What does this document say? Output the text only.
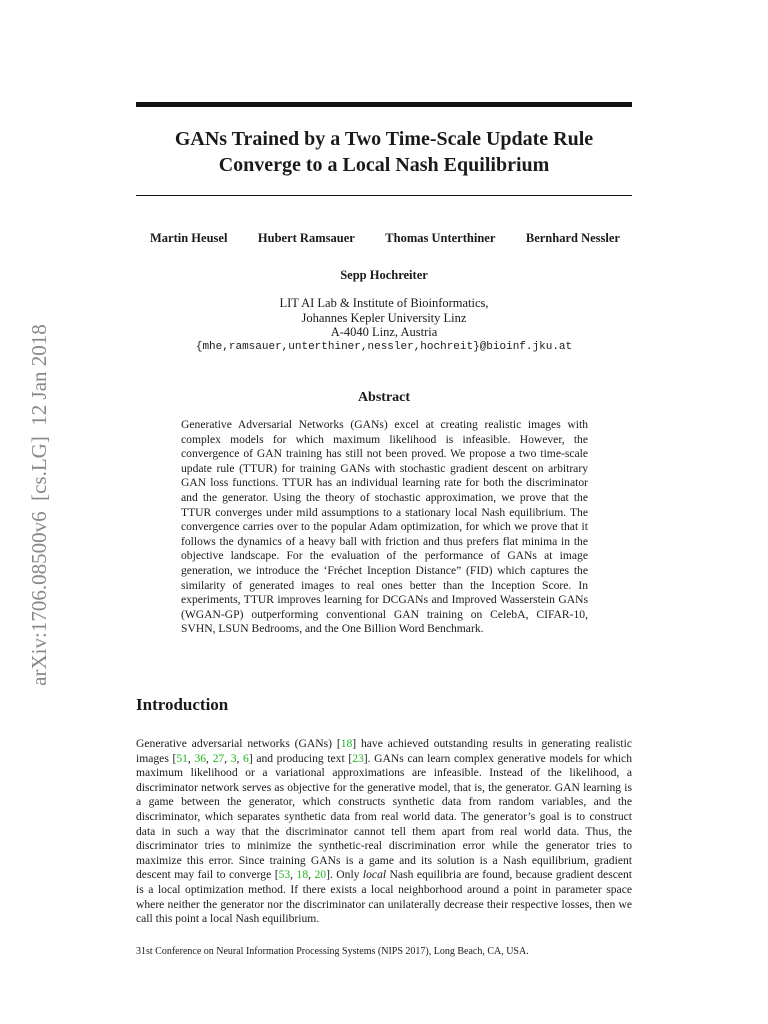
arXiv:1706.08500v6  [cs.LG]  12 Jan 2018
GANs Trained by a Two Time-Scale Update Rule
Converge to a Local Nash Equilibrium
Martin Heusel Hubert Ramsauer Thomas Unterthiner Bernhard Nessler
Sepp Hochreiter
LIT AI Lab & Institute of Bioinformatics,
Johannes Kepler University Linz
A-4040 Linz, Austria
{mhe,ramsauer,unterthiner,nessler,hochreit}@bioinf.jku.at
Abstract
Generative Adversarial Networks (GANs) excel at creating realistic images with complex models for which maximum likelihood is infeasible. However, the convergence of GAN training has still not been proved. We propose a two time-scale update rule (TTUR) for training GANs with stochastic gradient descent on arbitrary GAN loss functions. TTUR has an individual learning rate for both the discriminator and the generator. Using the theory of stochastic approximation, we prove that the TTUR converges under mild assumptions to a stationary local Nash equilibrium. The convergence carries over to the popular Adam optimization, for which we prove that it follows the dynamics of a heavy ball with friction and thus prefers flat minima in the objective landscape. For the evaluation of the performance of GANs at image generation, we introduce the ‘Fréchet Inception Distance” (FID) which captures the similarity of generated images to real ones better than the Inception Score. In experiments, TTUR improves learning for DCGANs and Improved Wasserstein GANs (WGAN-GP) outperforming conventional GAN training on CelebA, CIFAR-10, SVHN, LSUN Bedrooms, and the One Billion Word Benchmark.
Introduction
Generative adversarial networks (GANs) [18] have achieved outstanding results in generating realistic images [51, 36, 27, 3, 6] and producing text [23]. GANs can learn complex generative models for which maximum likelihood or a variational approximations are infeasible. Instead of the likelihood, a discriminator network serves as objective for the generative model, that is, the generator. GAN learning is a game between the generator, which constructs synthetic data from random variables, and the discriminator, which separates synthetic data from real world data. The generator’s goal is to construct data in such a way that the discriminator cannot tell them apart from real world data. Thus, the discriminator tries to minimize the synthetic-real discrimination error while the generator tries to maximize this error. Since training GANs is a game and its solution is a Nash equilibrium, gradient descent may fail to converge [53, 18, 20]. Only local Nash equilibria are found, because gradient descent is a local optimization method. If there exists a local neighborhood around a point in parameter space where neither the generator nor the discriminator can unilaterally decrease their respective losses, then we call this point a local Nash equilibrium.
31st Conference on Neural Information Processing Systems (NIPS 2017), Long Beach, CA, USA.
